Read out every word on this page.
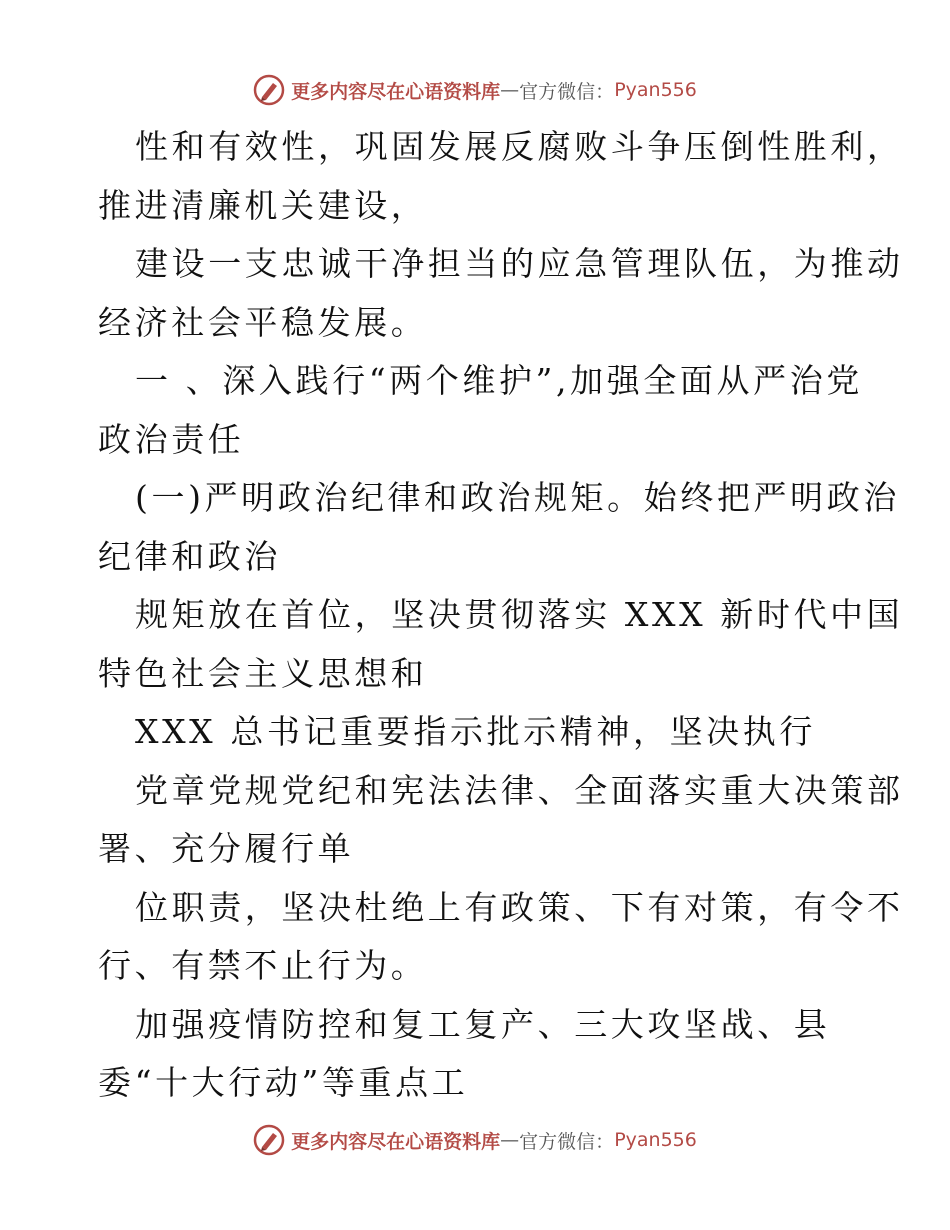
更多内容尽在心语资料库 — 官方微信： Pyan556
性和有效性，巩固发展反腐败斗争压倒性胜利，
推进清廉机关建设，
建设一支忠诚干净担当的应急管理队伍，为推动
经济社会平稳发展。
一 、深入践行“两个维护”,加强全面从严治党
政治责任
(一)严明政治纪律和政治规矩。始终把严明政治
纪律和政治
规矩放在首位，坚决贯彻落实 XXX 新时代中国
特色社会主义思想和
XXX 总书记重要指示批示精神，坚决执行
党章党规党纪和宪法法律、全面落实重大决策部
署、充分履行单
位职责，坚决杜绝上有政策、下有对策，有令不
行、有禁不止行为。
加强疫情防控和复工复产、三大攻坚战、县
委“十大行动”等重点工
更多内容尽在心语资料库 — 官方微信： Pyan556
